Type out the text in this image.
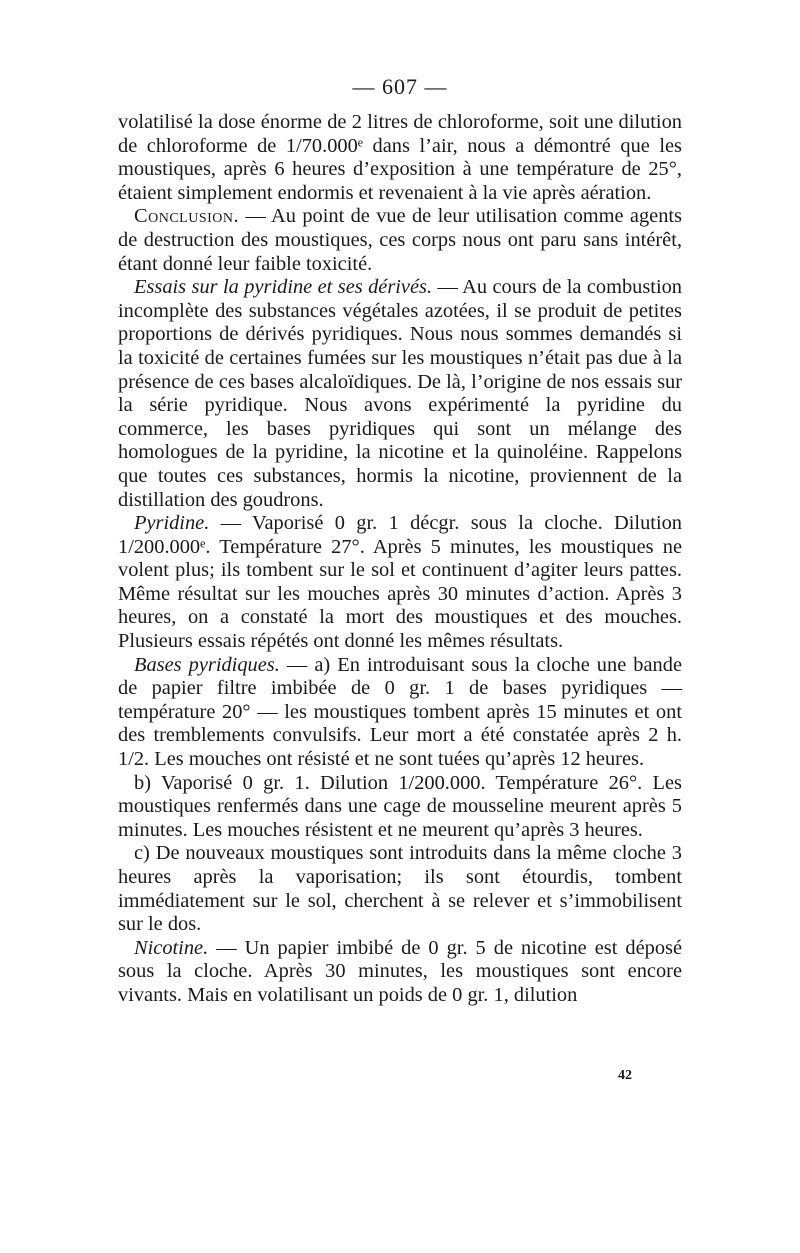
— 607 —

volatilisé la dose énorme de 2 litres de chloroforme, soit une dilution de chloroforme de 1/70.000ᵉ dans l’air, nous a démontré que les moustiques, après 6 heures d’exposition à une température de 25°, étaient simplement endormis et revenaient à la vie après aération.

Conclusion. — Au point de vue de leur utilisation comme agents de destruction des moustiques, ces corps nous ont paru sans intérêt, étant donné leur faible toxicité.

Essais sur la pyridine et ses dérivés. — Au cours de la combustion incomplète des substances végétales azotées, il se produit de petites proportions de dérivés pyridiques. Nous nous sommes demandés si la toxicité de certaines fumées sur les moustiques n’était pas due à la présence de ces bases alcaloïdiques. De là, l’origine de nos essais sur la série pyridique. Nous avons expérimenté la pyridine du commerce, les bases pyridiques qui sont un mélange des homologues de la pyridine, la nicotine et la quinoléine. Rappelons que toutes ces substances, hormis la nicotine, proviennent de la distillation des goudrons.

Pyridine. — Vaporisé 0 gr. 1 décgr. sous la cloche. Dilution 1/200.000ᵉ. Température 27°. Après 5 minutes, les moustiques ne volent plus; ils tombent sur le sol et continuent d’agiter leurs pattes. Même résultat sur les mouches après 30 minutes d’action. Après 3 heures, on a constaté la mort des moustiques et des mouches. Plusieurs essais répétés ont donné les mêmes résultats.

Bases pyridiques. — a) En introduisant sous la cloche une bande de papier filtre imbibée de 0 gr. 1 de bases pyridiques — température 20° — les moustiques tombent après 15 minutes et ont des tremblements convulsifs. Leur mort a été constatée après 2 h. 1/2. Les mouches ont résisté et ne sont tuées qu’après 12 heures.

b) Vaporisé 0 gr. 1. Dilution 1/200.000. Température 26°. Les moustiques renfermés dans une cage de mousseline meurent après 5 minutes. Les mouches résistent et ne meurent qu’après 3 heures.

c) De nouveaux moustiques sont introduits dans la même cloche 3 heures après la vaporisation; ils sont étourdis, tombent immédiatement sur le sol, cherchent à se relever et s’immobilisent sur le dos.

Nicotine. — Un papier imbibé de 0 gr. 5 de nicotine est déposé sous la cloche. Après 30 minutes, les moustiques sont encore vivants. Mais en volatilisant un poids de 0 gr. 1, dilution

42
